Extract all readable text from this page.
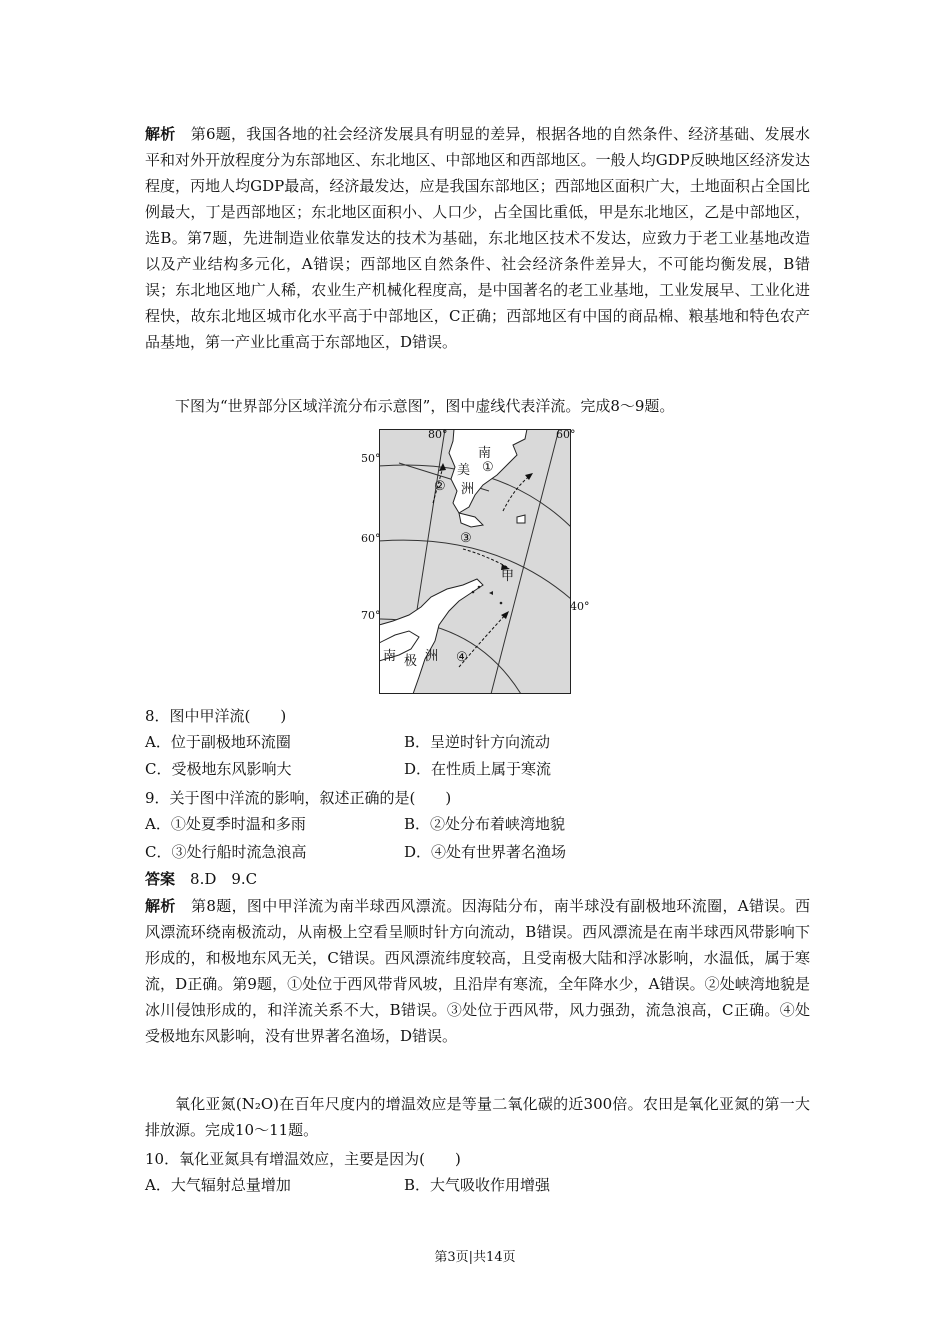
解析　 第6题，我国各地的社会经济发展具有明显的差异，根据各地的自然条件、经济基础、发展水平和对外开放程度分为东部地区、东北地区、中部地区和西部地区。一般人均GDP反映地区经济发达程度，丙地人均GDP最高，经济最发达，应是我国东部地区；西部地区面积广大，土地面积占全国比例最大，丁是西部地区；东北地区面积小、人口少，占全国比重低，甲是东北地区，乙是中部地区，选B。第7题，先进制造业依靠发达的技术为基础，东北地区技术不发达，应致力于老工业基地改造以及产业结构多元化，A错误；西部地区自然条件、社会经济条件差异大，不可能均衡发展，B错误；东北地区地广人稀，农业生产机械化程度高，是中国著名的老工业基地，工业发展早、工业化进程快，故东北地区城市化水平高于中部地区，C正确；西部地区有中国的商品棉、粮基地和特色农产品基地，第一产业比重高于东部地区，D错误。

下图为“世界部分区域洋流分布示意图”，图中虚线代表洋流。完成8～9题。

80°	60°
50°
60°
70°
40°
南
美
洲
①
②
③
甲
④
南 极 洲
8．图中甲洋流(　　)
A．位于副极地环流圈	B．呈逆时针方向流动
C．受极地东风影响大	D．在性质上属于寒流
9．关于图中洋流的影响，叙述正确的是(　　)
A．①处夏季时温和多雨	B．②处分布着峡湾地貌
C．③处行船时流急浪高	D．④处有世界著名渔场
答案　 8.D　9.C

解析　 第8题，图中甲洋流为南半球西风漂流。因海陆分布，南半球没有副极地环流圈，A错误。西风漂流环绕南极流动，从南极上空看呈顺时针方向流动，B错误。西风漂流是在南半球西风带影响下形成的，和极地东风无关，C错误。西风漂流纬度较高，且受南极大陆和浮冰影响，水温低，属于寒流，D正确。第9题，①处位于西风带背风坡，且沿岸有寒流，全年降水少，A错误。②处峡湾地貌是冰川侵蚀形成的，和洋流关系不大，B错误。③处位于西风带，风力强劲，流急浪高，C正确。④处受极地东风影响，没有世界著名渔场，D错误。

氧化亚氮(N₂O)在百年尺度内的增温效应是等量二氧化碳的近300倍。农田是氧化亚氮的第一大排放源。完成10～11题。

10．氧化亚氮具有增温效应，主要是因为(　　)
A．大气辐射总量增加	B．大气吸收作用增强
第3页|共14页
